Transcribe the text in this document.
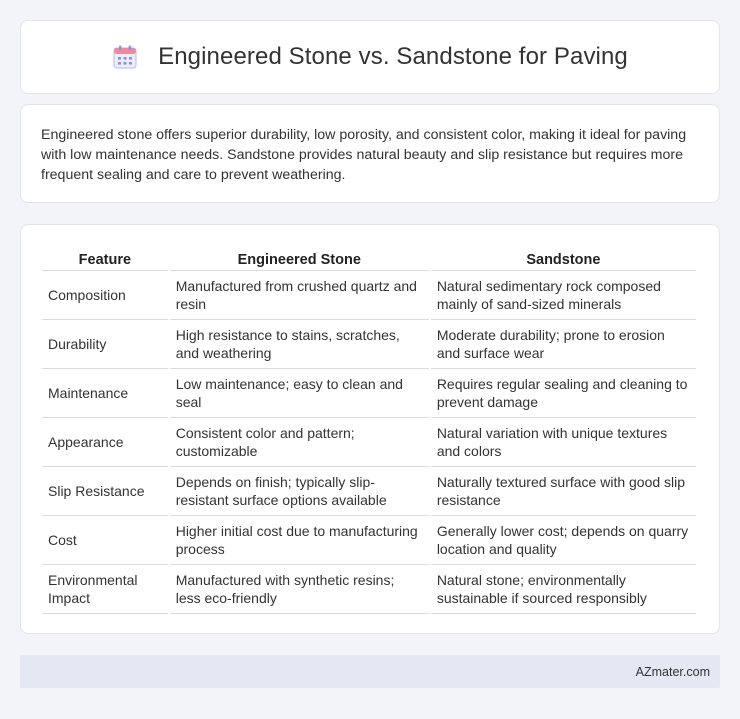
Engineered Stone vs. Sandstone for Paving

Engineered stone offers superior durability, low porosity, and consistent color, making it ideal for paving with low maintenance needs. Sandstone provides natural beauty and slip resistance but requires more frequent sealing and care to prevent weathering.

Feature	Engineered Stone	Sandstone
Composition	Manufactured from crushed quartz and resin	Natural sedimentary rock composed mainly of sand-sized minerals
Durability	High resistance to stains, scratches, and weathering	Moderate durability; prone to erosion and surface wear
Maintenance	Low maintenance; easy to clean and seal	Requires regular sealing and cleaning to prevent damage
Appearance	Consistent color and pattern; customizable	Natural variation with unique textures and colors
Slip Resistance	Depends on finish; typically slip-resistant surface options available	Naturally textured surface with good slip resistance
Cost	Higher initial cost due to manufacturing process	Generally lower cost; depends on quarry location and quality
Environmental Impact	Manufactured with synthetic resins; less eco-friendly	Natural stone; environmentally sustainable if sourced responsibly
AZmater.com
